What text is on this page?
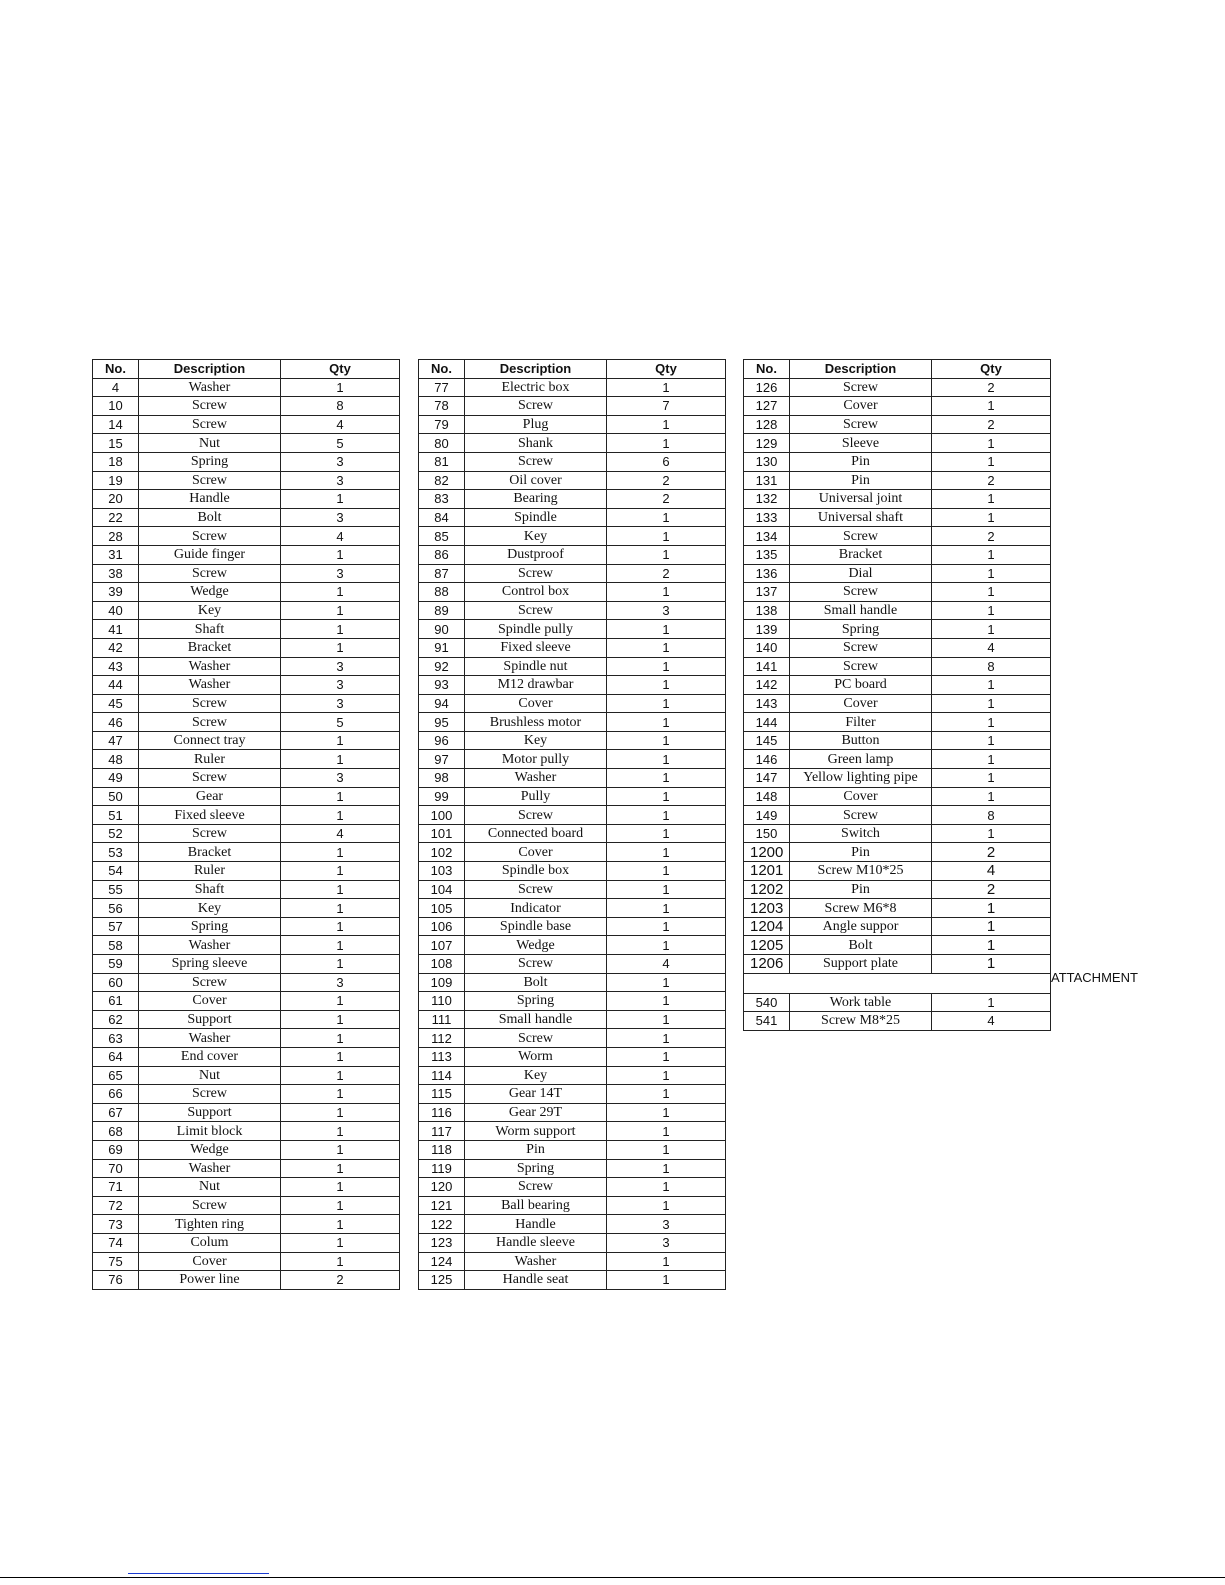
No.	Description	Qty
4	Washer	1
10	Screw	8
14	Screw	4
15	Nut	5
18	Spring	3
19	Screw	3
20	Handle	1
22	Bolt	3
28	Screw	4
31	Guide finger	1
38	Screw	3
39	Wedge	1
40	Key	1
41	Shaft	1
42	Bracket	1
43	Washer	3
44	Washer	3
45	Screw	3
46	Screw	5
47	Connect tray	1
48	Ruler	1
49	Screw	3
50	Gear	1
51	Fixed sleeve	1
52	Screw	4
53	Bracket	1
54	Ruler	1
55	Shaft	1
56	Key	1
57	Spring	1
58	Washer	1
59	Spring sleeve	1
60	Screw	3
61	Cover	1
62	Support	1
63	Washer	1
64	End cover	1
65	Nut	1
66	Screw	1
67	Support	1
68	Limit block	1
69	Wedge	1
70	Washer	1
71	Nut	1
72	Screw	1
73	Tighten ring	1
74	Colum	1
75	Cover	1
76	Power line	2
No.	Description	Qty
77	Electric box	1
78	Screw	7
79	Plug	1
80	Shank	1
81	Screw	6
82	Oil cover	2
83	Bearing	2
84	Spindle	1
85	Key	1
86	Dustproof	1
87	Screw	2
88	Control box	1
89	Screw	3
90	Spindle pully	1
91	Fixed sleeve	1
92	Spindle nut	1
93	M12 drawbar	1
94	Cover	1
95	Brushless motor	1
96	Key	1
97	Motor pully	1
98	Washer	1
99	Pully	1
100	Screw	1
101	Connected board	1
102	Cover	1
103	Spindle box	1
104	Screw	1
105	Indicator	1
106	Spindle base	1
107	Wedge	1
108	Screw	4
109	Bolt	1
110	Spring	1
111	Small handle	1
112	Screw	1
113	Worm	1
114	Key	1
115	Gear 14T	1
116	Gear 29T	1
117	Worm support	1
118	Pin	1
119	Spring	1
120	Screw	1
121	Ball bearing	1
122	Handle	3
123	Handle sleeve	3
124	Washer	1
125	Handle seat	1
No.	Description	Qty
126	Screw	2
127	Cover	1
128	Screw	2
129	Sleeve	1
130	Pin	1
131	Pin	2
132	Universal joint	1
133	Universal shaft	1
134	Screw	2
135	Bracket	1
136	Dial	1
137	Screw	1
138	Small handle	1
139	Spring	1
140	Screw	4
141	Screw	8
142	PC board	1
143	Cover	1
144	Filter	1
145	Button	1
146	Green lamp	1
147	Yellow lighting pipe	1
148	Cover	1
149	Screw	8
150	Switch	1
1200	Pin	2
1201	Screw M10*25	4
1202	Pin	2
1203	Screw M6*8	1
1204	Angle suppor	1
1205	Bolt	1
1206	Support plate	1

540	Work table	1
541	Screw M8*25	4
ATTACHMENT
